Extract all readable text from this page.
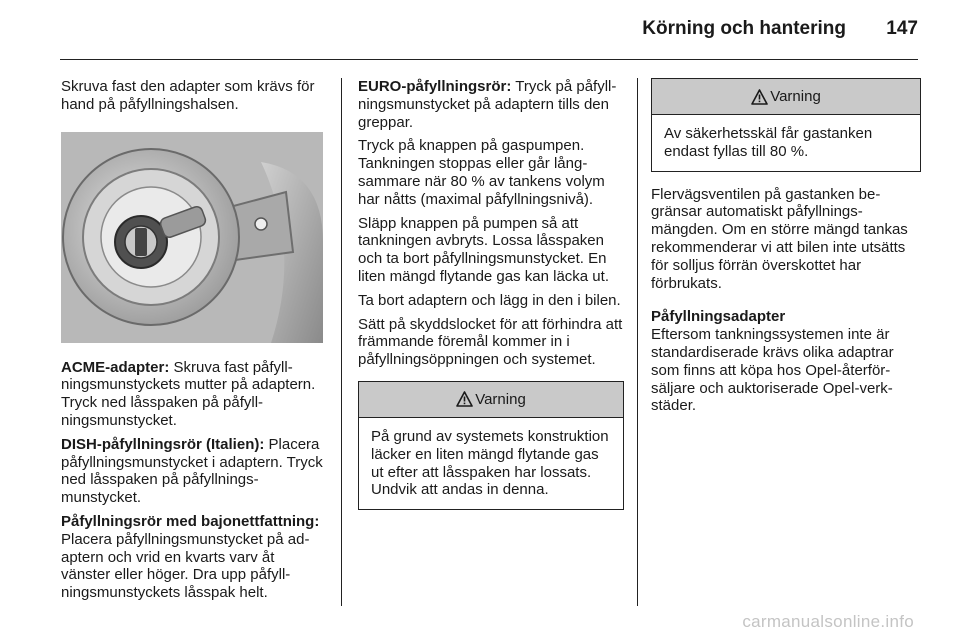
Körning och hantering 147

Skruva fast den adapter som krävs för hand på påfyllningshalsen.

ACME-adapter: Skruva fast påfyllningsmunstyckets mutter på adaptern. Tryck ned låsspaken på påfyllningsmunstycket.

DISH-påfyllningsrör (Italien): Placera påfyllningsmunstycket i adaptern. Tryck ned låsspaken på påfyllningsmunstycket.

Påfyllningsrör med bajonettfattning:
Placera påfyllningsmunstycket på adaptern och vrid en kvarts varv åt vänster eller höger. Dra upp påfyllningsmunstyckets låsspak helt.

EURO-påfyllningsrör: Tryck på påfyllningsmunstycket på adaptern tills den greppar.

Tryck på knappen på gaspumpen. Tankningen stoppas eller går långsammare när 80 % av tankens volym har nåtts (maximal påfyllningsnivå).

Släpp knappen på pumpen så att tankningen avbryts. Lossa låsspaken och ta bort påfyllningsmunstycket. En liten mängd flytande gas kan läcka ut.

Ta bort adaptern och lägg in den i bilen.

Sätt på skyddslocket för att förhindra att främmande föremål kommer in i påfyllningsöppningen och systemet.

Varning
På grund av systemets konstruktion läcker en liten mängd flytande gas ut efter att låsspaken har lossats. Undvik att andas in denna.
Varning
Av säkerhetsskäl får gastanken endast fyllas till 80 %.

Flervägsventilen på gastanken begränsar automatiskt påfyllningsmängden. Om en större mängd tankas rekommenderar vi att bilen inte utsätts för solljus förrän överskottet har förbrukats.

Påfyllningsadapter
Eftersom tankningssystemen inte är standardiserade krävs olika adaptrar som finns att köpa hos Opel-återförsäljare och auktoriserade Opel-verkstäder.

carmanualsonline.info
